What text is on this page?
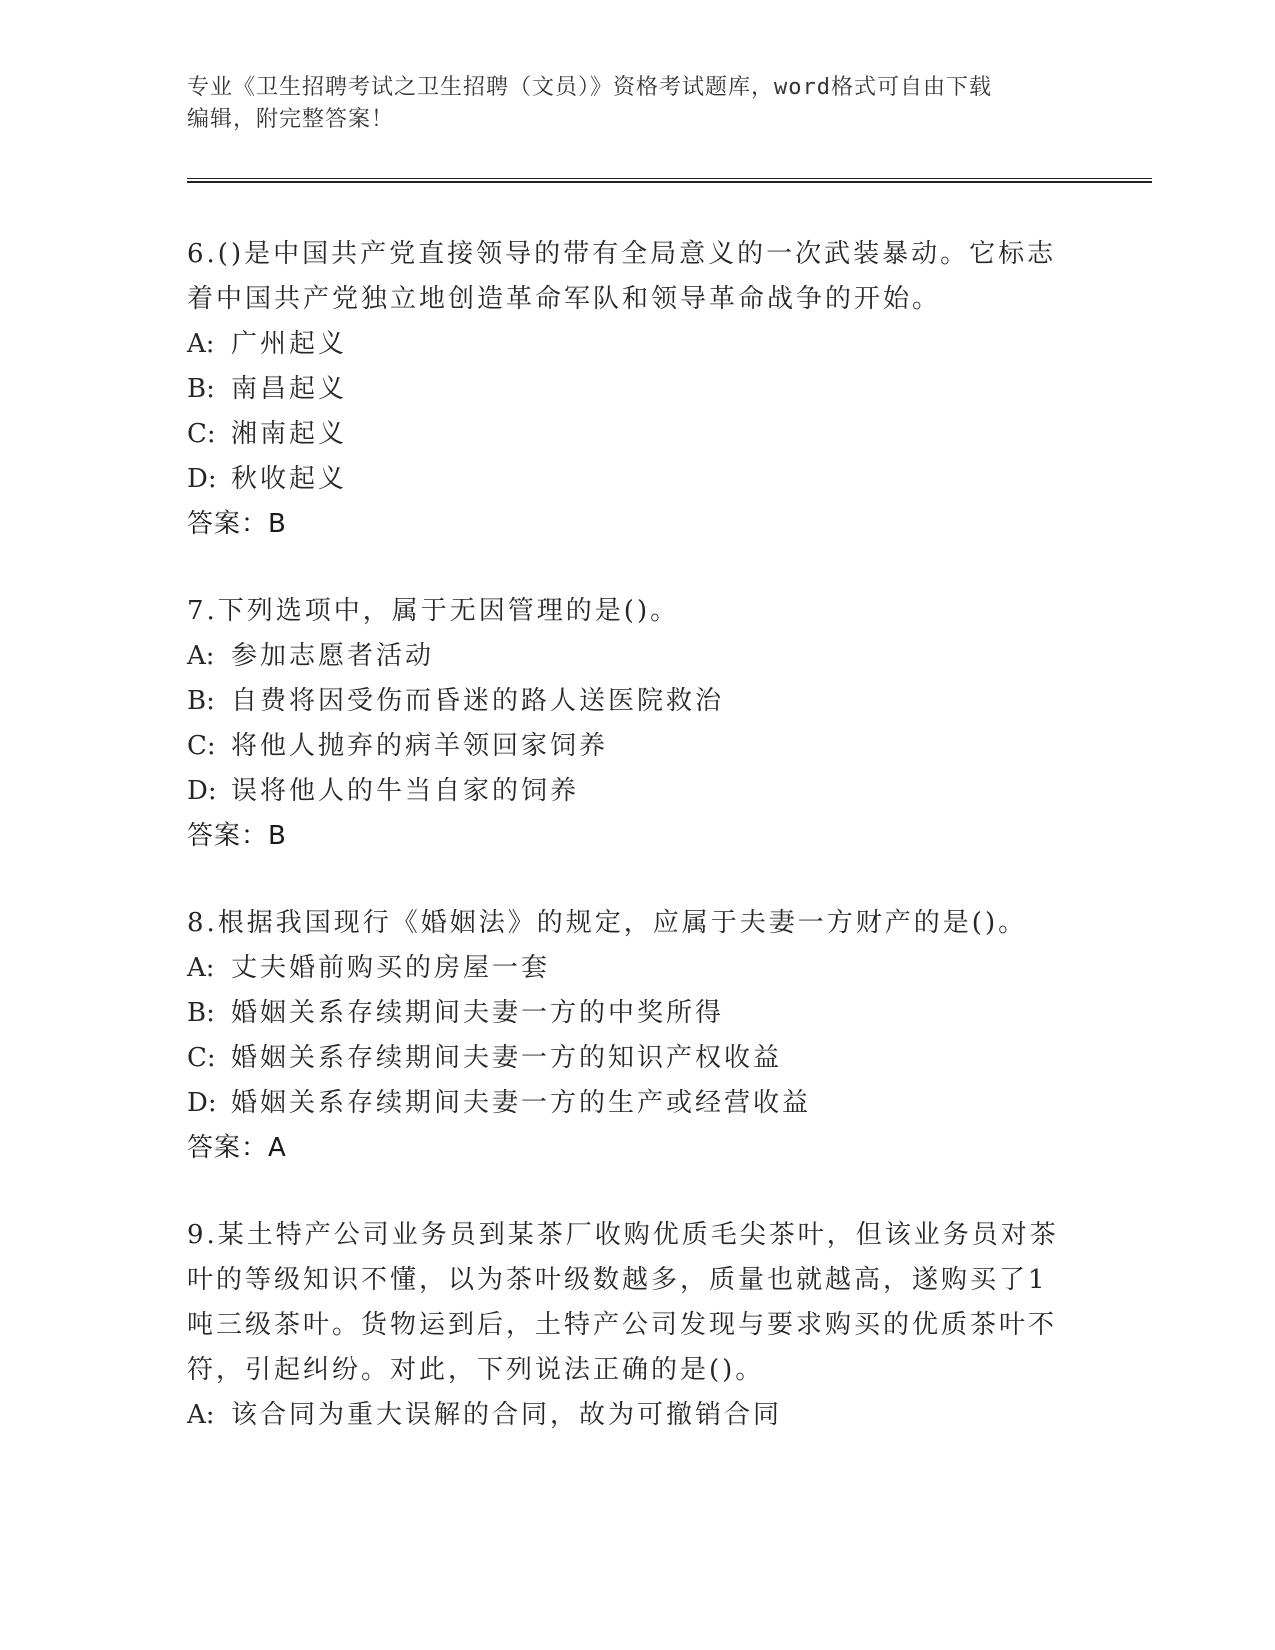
专业《卫生招聘考试之卫生招聘（文员）》资格考试题库，word格式可自由下载
编辑，附完整答案！
6.()是中国共产党直接领导的带有全局意义的一次武装暴动。它标志
着中国共产党独立地创造革命军队和领导革命战争的开始。
A: 广州起义
B: 南昌起义
C: 湘南起义
D: 秋收起义
答案：B
7.下列选项中，属于无因管理的是()。
A: 参加志愿者活动
B: 自费将因受伤而昏迷的路人送医院救治
C: 将他人抛弃的病羊领回家饲养
D: 误将他人的牛当自家的饲养
答案：B
8.根据我国现行《婚姻法》的规定，应属于夫妻一方财产的是()。
A: 丈夫婚前购买的房屋一套
B: 婚姻关系存续期间夫妻一方的中奖所得
C: 婚姻关系存续期间夫妻一方的知识产权收益
D: 婚姻关系存续期间夫妻一方的生产或经营收益
答案：A
9.某土特产公司业务员到某茶厂收购优质毛尖茶叶，但该业务员对茶
叶的等级知识不懂，以为茶叶级数越多，质量也就越高，遂购买了1
吨三级茶叶。货物运到后，土特产公司发现与要求购买的优质茶叶不
符，引起纠纷。对此，下列说法正确的是()。
A: 该合同为重大误解的合同，故为可撤销合同
